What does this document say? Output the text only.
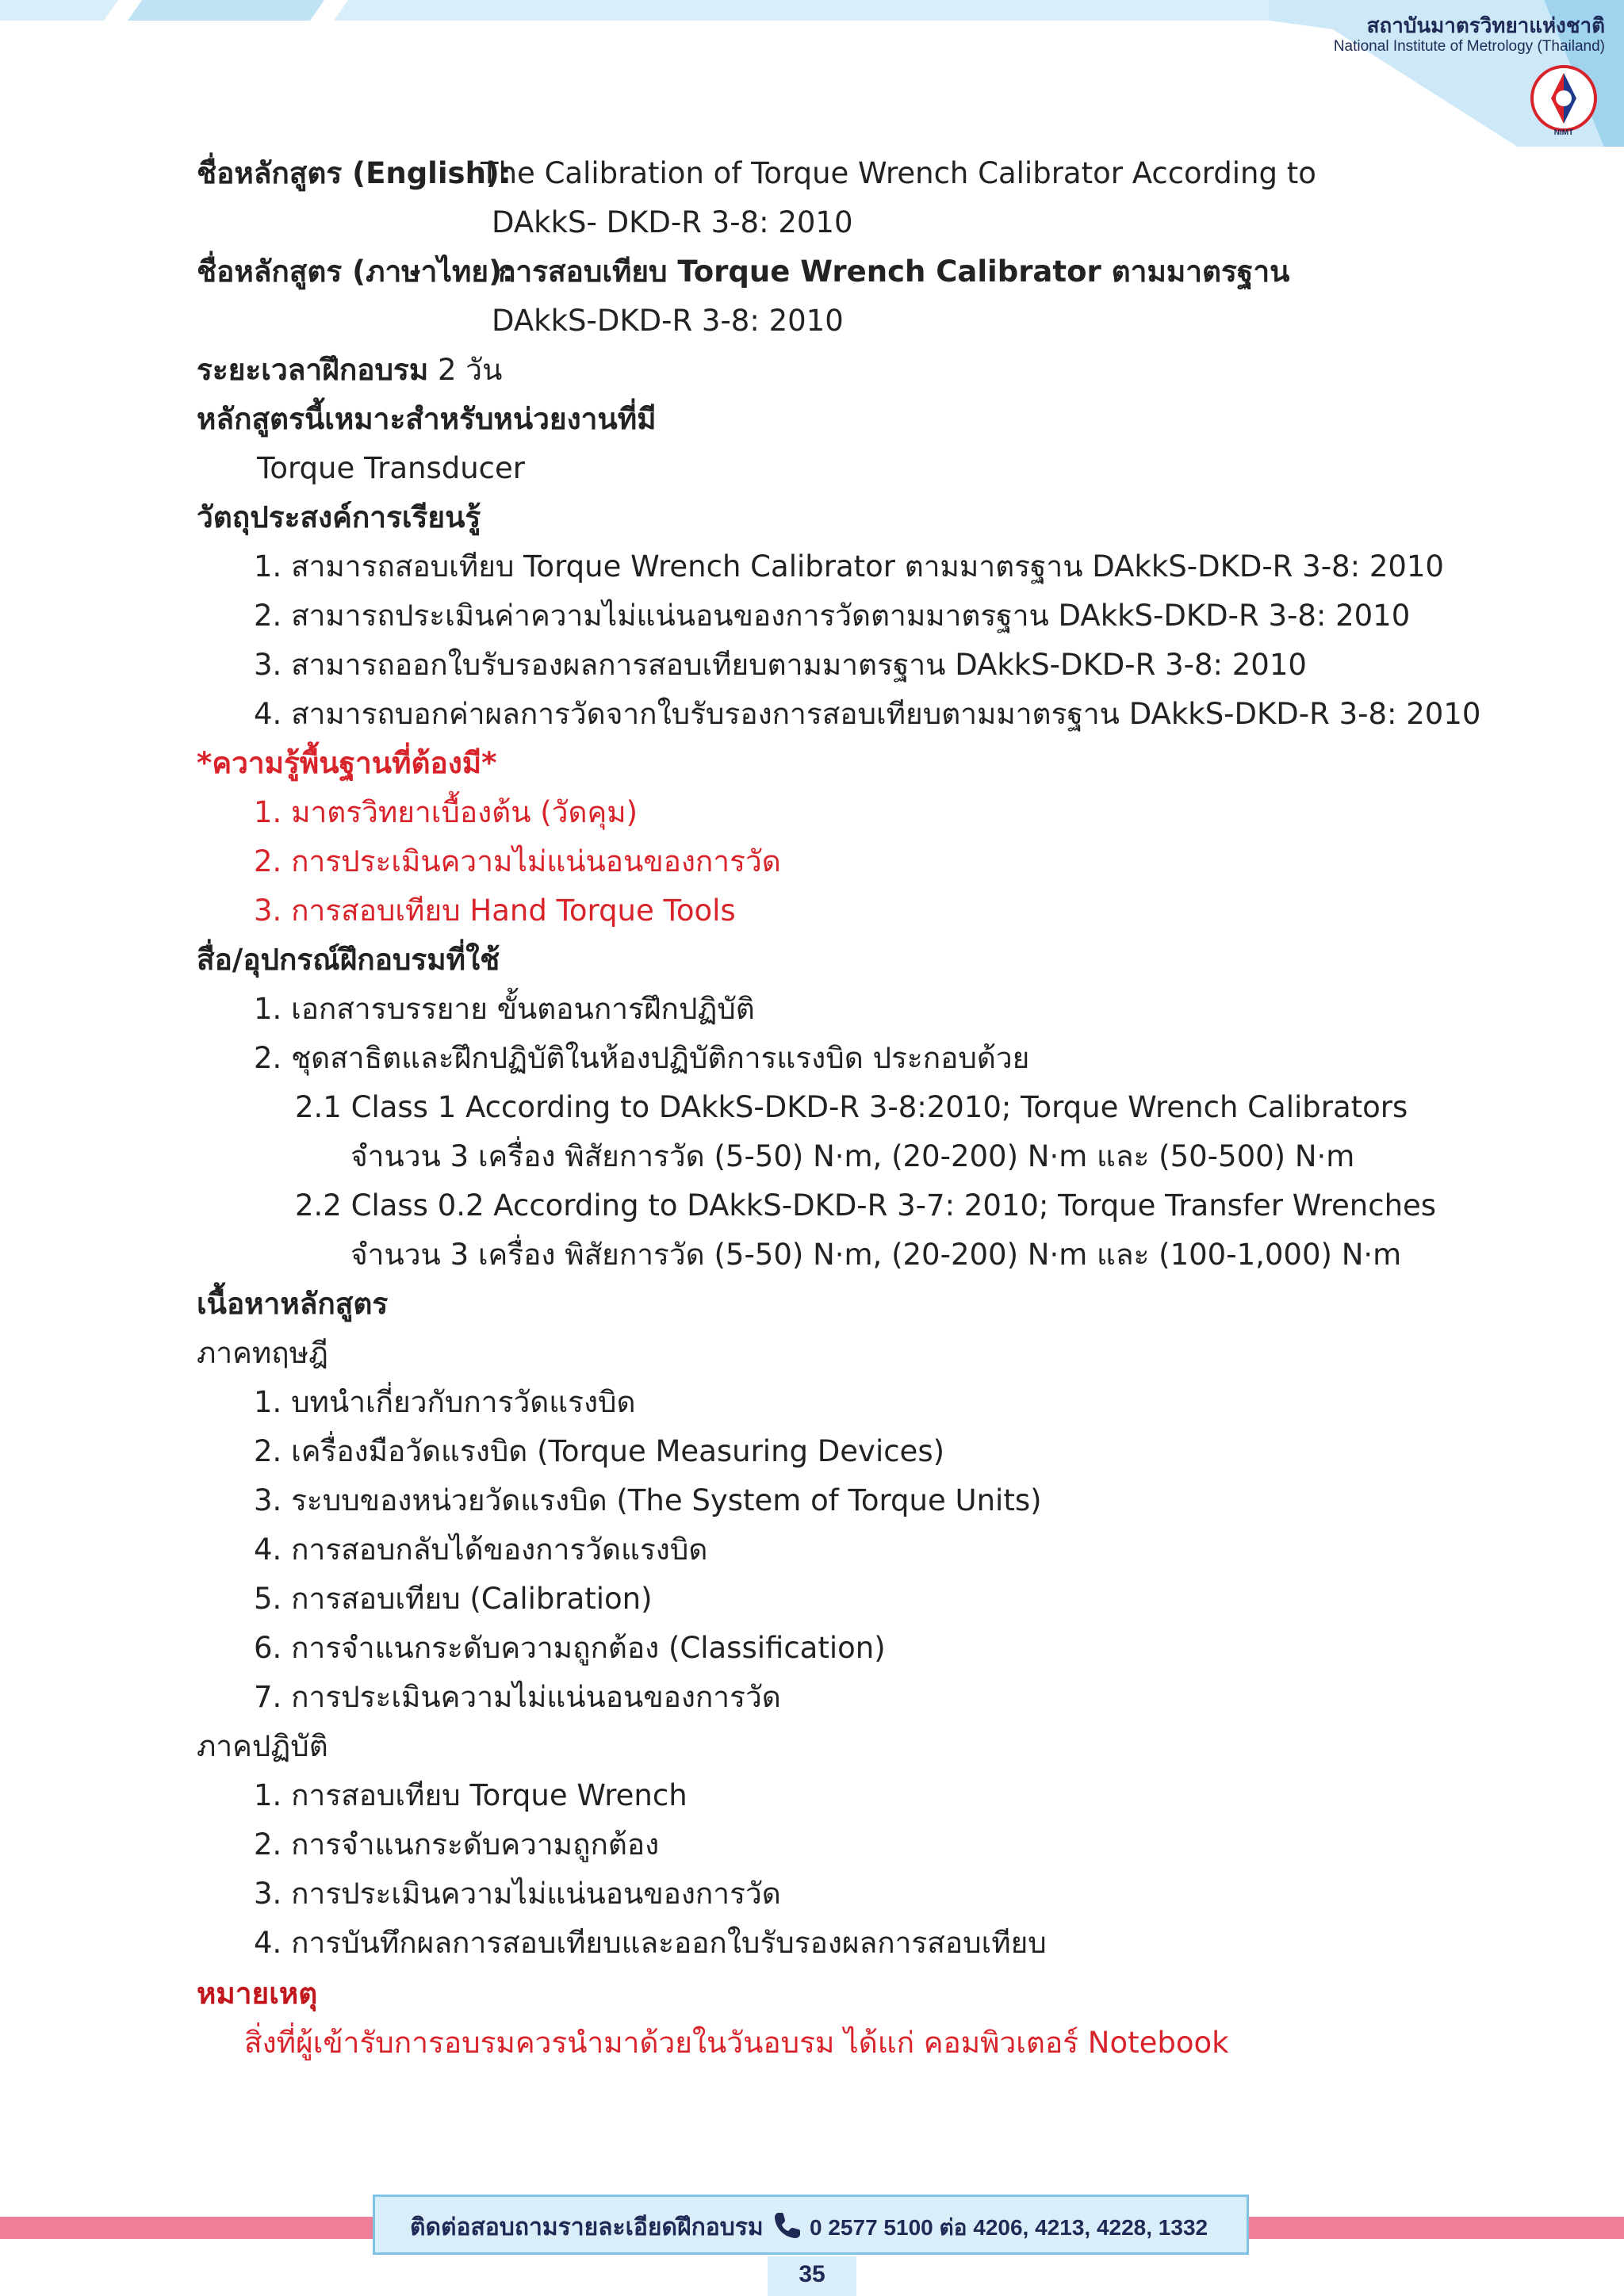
สถาบันมาตรวิทยาแห่งชาติ
National Institute of Metrology (Thailand)
NIMT
ชื่อหลักสูตร (English):
The Calibration of Torque Wrench Calibrator According to
DAkkS- DKD-R 3-8: 2010
ชื่อหลักสูตร (ภาษาไทย):
การสอบเทียบ Torque Wrench Calibrator ตามมาตรฐาน
DAkkS-DKD-R 3-8: 2010
ระยะเวลาฝึกอบรม 2 วัน
หลักสูตรนี้เหมาะสำหรับหน่วยงานที่มี
Torque Transducer
วัตถุประสงค์การเรียนรู้
1. สามารถสอบเทียบ Torque Wrench Calibrator ตามมาตรฐาน DAkkS-DKD-R 3-8: 2010
2. สามารถประเมินค่าความไม่แน่นอนของการวัดตามมาตรฐาน DAkkS-DKD-R 3-8: 2010
3. สามารถออกใบรับรองผลการสอบเทียบตามมาตรฐาน DAkkS-DKD-R 3-8: 2010
4. สามารถบอกค่าผลการวัดจากใบรับรองการสอบเทียบตามมาตรฐาน DAkkS-DKD-R 3-8: 2010
*ความรู้พื้นฐานที่ต้องมี*
1. มาตรวิทยาเบื้องต้น (วัดคุม)
2. การประเมินความไม่แน่นอนของการวัด
3. การสอบเทียบ Hand Torque Tools
สื่อ/อุปกรณ์ฝึกอบรมที่ใช้
1. เอกสารบรรยาย ขั้นตอนการฝึกปฏิบัติ
2. ชุดสาธิตและฝึกปฏิบัติในห้องปฏิบัติการแรงบิด ประกอบด้วย
2.1 Class 1 According to DAkkS-DKD-R 3-8:2010; Torque Wrench Calibrators
จำนวน 3 เครื่อง พิสัยการวัด (5-50) N·m, (20-200) N·m และ (50-500) N·m
2.2 Class 0.2 According to DAkkS-DKD-R 3-7: 2010; Torque Transfer Wrenches
จำนวน 3 เครื่อง พิสัยการวัด (5-50) N·m, (20-200) N·m และ (100-1,000) N·m
เนื้อหาหลักสูตร
ภาคทฤษฎี
1. บทนำเกี่ยวกับการวัดแรงบิด
2. เครื่องมือวัดแรงบิด (Torque Measuring Devices)
3. ระบบของหน่วยวัดแรงบิด (The System of Torque Units)
4. การสอบกลับได้ของการวัดแรงบิด
5. การสอบเทียบ (Calibration)
6. การจำแนกระดับความถูกต้อง (Classification)
7. การประเมินความไม่แน่นอนของการวัด
ภาคปฏิบัติ
1. การสอบเทียบ Torque Wrench
2. การจำแนกระดับความถูกต้อง
3. การประเมินความไม่แน่นอนของการวัด
4. การบันทึกผลการสอบเทียบและออกใบรับรองผลการสอบเทียบ
หมายเหตุ
สิ่งที่ผู้เข้ารับการอบรมควรนำมาด้วยในวันอบรม ได้แก่ คอมพิวเตอร์ Notebook
ติดต่อสอบถามรายละเอียดฝึกอบรม 0 2577 5100 ต่อ 4206, 4213, 4228, 1332
35
